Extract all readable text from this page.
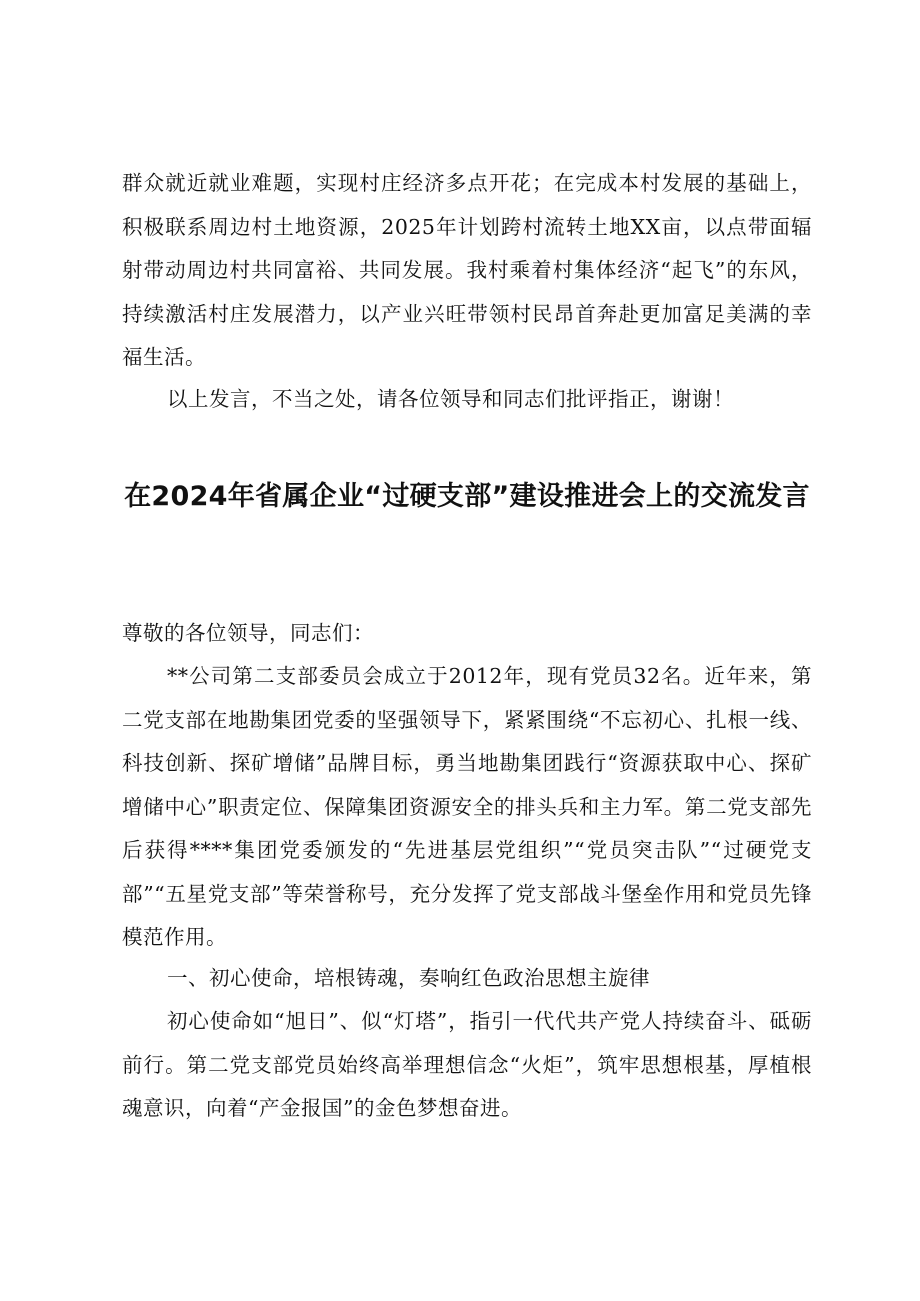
群众就近就业难题，实现村庄经济多点开花；在完成本村发展的基础上，积极联系周边村土地资源，2025年计划跨村流转土地XX亩，以点带面辐射带动周边村共同富裕、共同发展。我村乘着村集体经济“起飞”的东风，持续激活村庄发展潜力，以产业兴旺带领村民昂首奔赴更加富足美满的幸福生活。

以上发言，不当之处，请各位领导和同志们批评指正，谢谢！

在2024年省属企业“过硬支部”建设推进会上的交流发言

尊敬的各位领导，同志们：

**公司第二支部委员会成立于2012年，现有党员32名。近年来，第二党支部在地勘集团党委的坚强领导下，紧紧围绕“不忘初心、扎根一线、科技创新、探矿增储”品牌目标，勇当地勘集团践行“资源获取中心、探矿增储中心”职责定位、保障集团资源安全的排头兵和主力军。第二党支部先后获得****集团党委颁发的“先进基层党组织”“党员突击队”“过硬党支部”“五星党支部”等荣誉称号，充分发挥了党支部战斗堡垒作用和党员先锋模范作用。

一、初心使命，培根铸魂，奏响红色政治思想主旋律

初心使命如“旭日”、似“灯塔”，指引一代代共产党人持续奋斗、砥砺前行。第二党支部党员始终高举理想信念“火炬”，筑牢思想根基，厚植根魂意识，向着“产金报国”的金色梦想奋进。
